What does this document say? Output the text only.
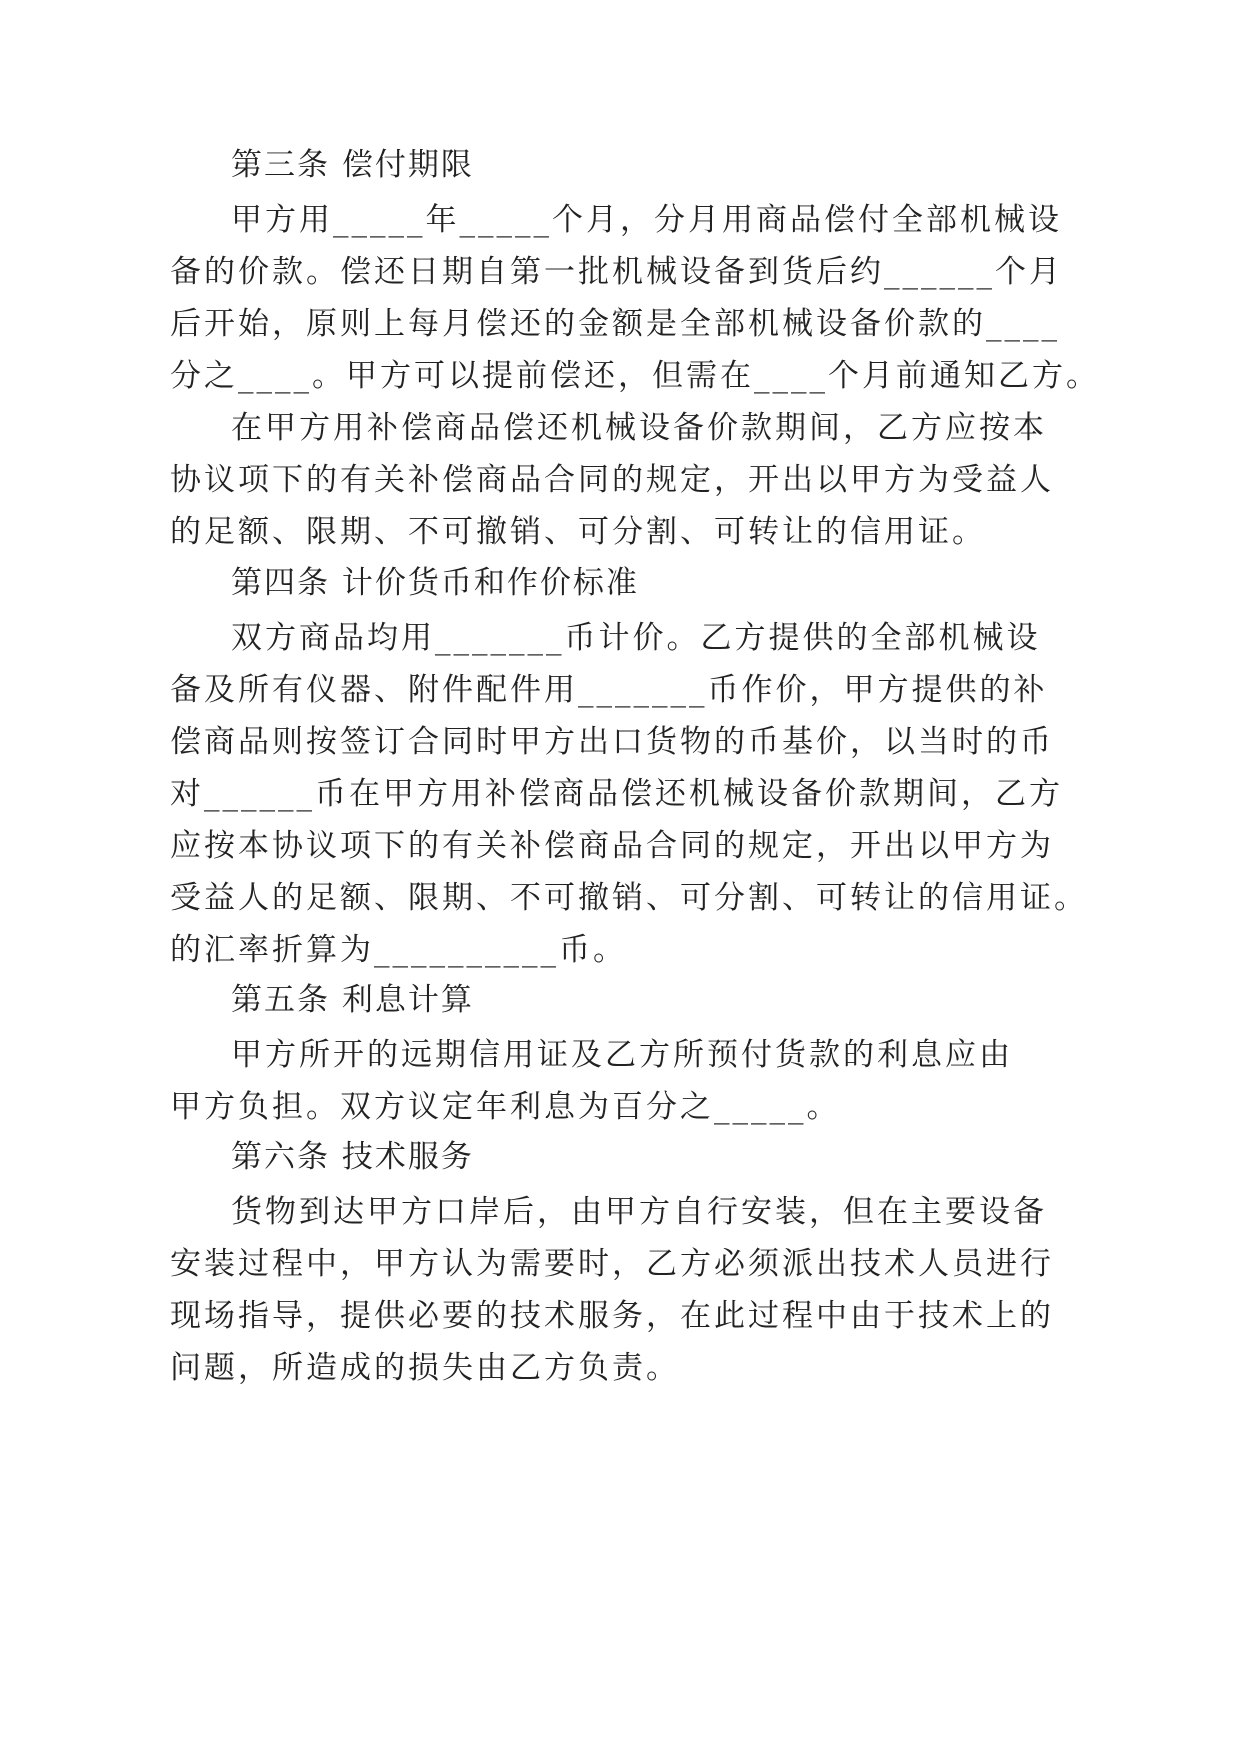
第三条 偿付期限
甲方用_____年_____个月，分月用商品偿付全部机械设
备的价款。偿还日期自第一批机械设备到货后约______个月
后开始，原则上每月偿还的金额是全部机械设备价款的____
分之____。甲方可以提前偿还，但需在____个月前通知乙方。
在甲方用补偿商品偿还机械设备价款期间，乙方应按本
协议项下的有关补偿商品合同的规定，开出以甲方为受益人
的足额、限期、不可撤销、可分割、可转让的信用证。
第四条 计价货币和作价标准
双方商品均用_______币计价。乙方提供的全部机械设
备及所有仪器、附件配件用_______币作价，甲方提供的补
偿商品则按签订合同时甲方出口货物的币基价，以当时的币
对______币在甲方用补偿商品偿还机械设备价款期间，乙方
应按本协议项下的有关补偿商品合同的规定，开出以甲方为
受益人的足额、限期、不可撤销、可分割、可转让的信用证。
的汇率折算为__________币。
第五条 利息计算
甲方所开的远期信用证及乙方所预付货款的利息应由
甲方负担。双方议定年利息为百分之_____。
第六条 技术服务
货物到达甲方口岸后，由甲方自行安装，但在主要设备
安装过程中，甲方认为需要时，乙方必须派出技术人员进行
现场指导，提供必要的技术服务，在此过程中由于技术上的
问题，所造成的损失由乙方负责。
